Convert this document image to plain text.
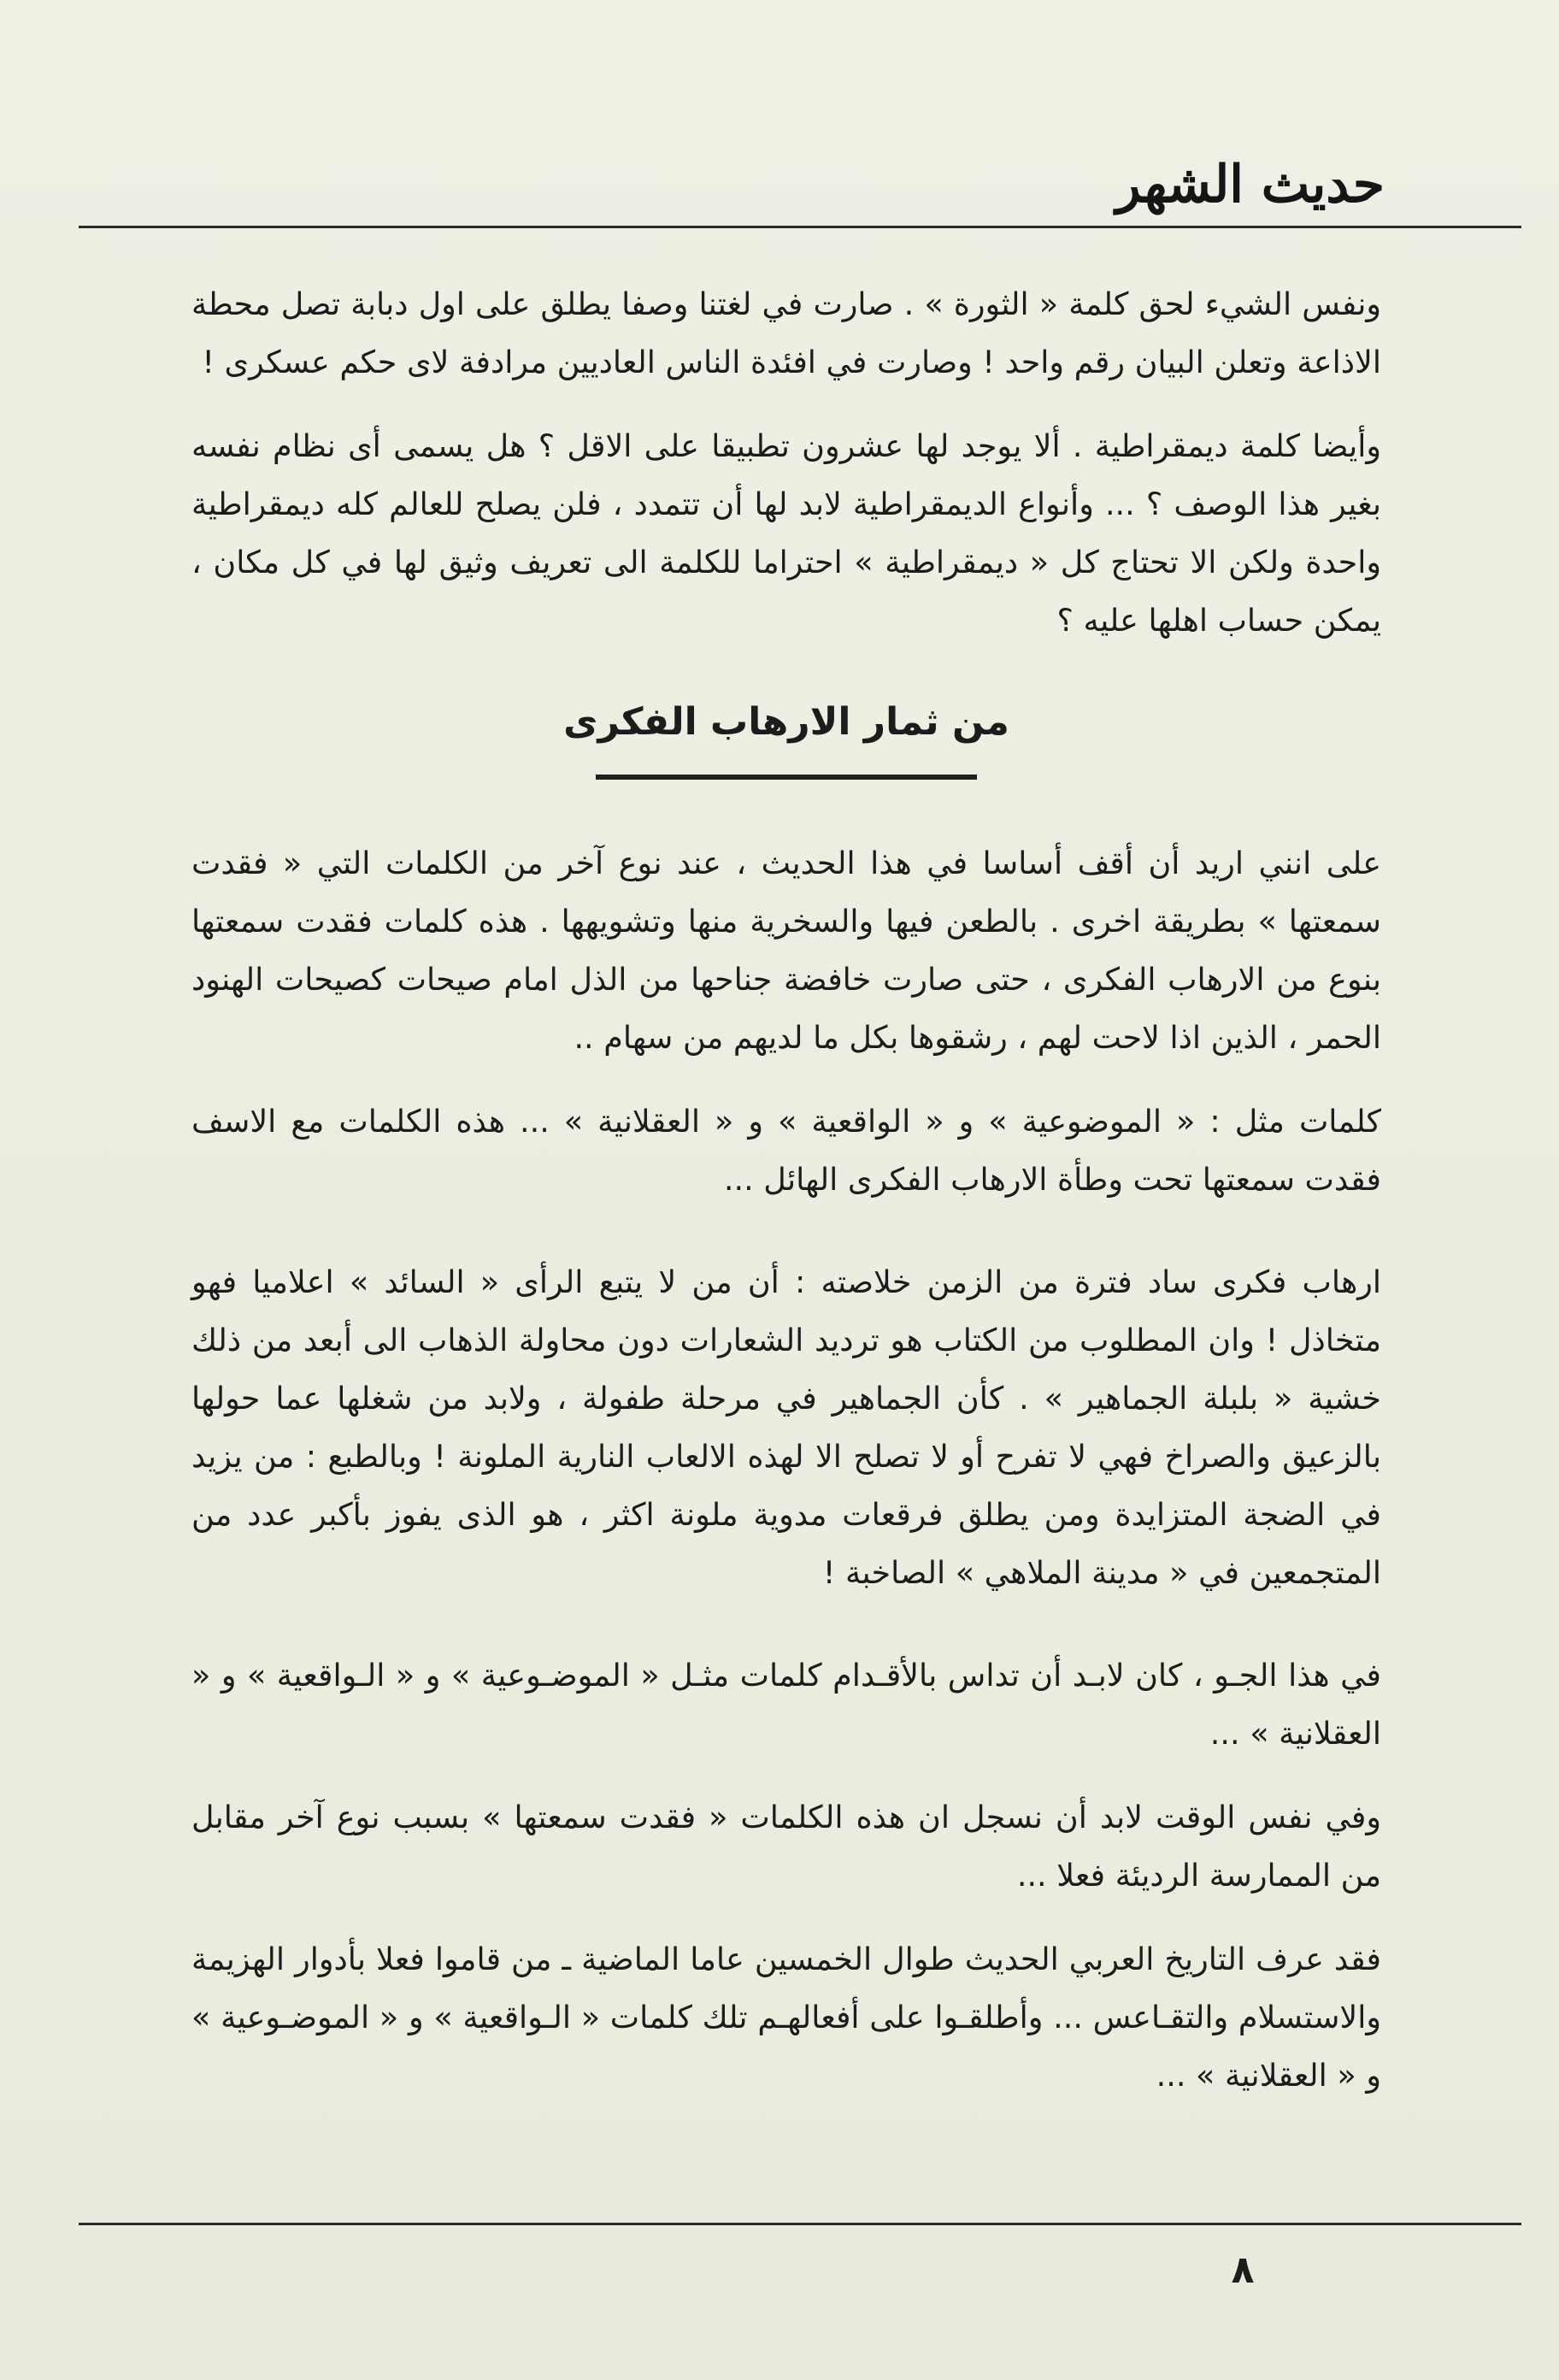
حديث الشهر

ونفس الشيء لحق كلمة « الثورة » . صارت في لغتنا وصفا يطلق على اول دبابة تصل محطة الاذاعة وتعلن البيان رقم واحد ! وصارت في افئدة الناس العاديين مرادفة لاى حكم عسكرى !

وأيضا كلمة ديمقراطية . ألا يوجد لها عشرون تطبيقا على الاقل ؟ هل يسمى أى نظام نفسه بغير هذا الوصف ؟ ... وأنواع الديمقراطية لابد لها أن تتمدد ، فلن يصلح للعالم كله ديمقراطية واحدة ولكن الا تحتاج كل « ديمقراطية » احتراما للكلمة الى تعريف وثيق لها في كل مكان ، يمكن حساب اهلها عليه ؟

من ثمار الارهاب الفكرى

على انني اريد أن أقف أساسا في هذا الحديث ، عند نوع آخر من الكلمات التي « فقدت سمعتها » بطريقة اخرى . بالطعن فيها والسخرية منها وتشويهها . هذه كلمات فقدت سمعتها بنوع من الارهاب الفكرى ، حتى صارت خافضة جناحها من الذل امام صيحات كصيحات الهنود الحمر ، الذين اذا لاحت لهم ، رشقوها بكل ما لديهم من سهام ..

كلمات مثل : « الموضوعية » و « الواقعية » و « العقلانية » ... هذه الكلمات مع الاسف فقدت سمعتها تحت وطأة الارهاب الفكرى الهائل ...

ارهاب فكرى ساد فترة من الزمن خلاصته : أن من لا يتبع الرأى « السائد » اعلاميا فهو متخاذل ! وان المطلوب من الكتاب هو ترديد الشعارات دون محاولة الذهاب الى أبعد من ذلك خشية « بلبلة الجماهير » . كأن الجماهير في مرحلة طفولة ، ولابد من شغلها عما حولها بالزعيق والصراخ فهي لا تفرح أو لا تصلح الا لهذه الالعاب النارية الملونة ! وبالطبع : من يزيد في الضجة المتزايدة ومن يطلق فرقعات مدوية ملونة اكثر ، هو الذى يفوز بأكبر عدد من المتجمعين في « مدينة الملاهي » الصاخبة !

في هذا الجـو ، كان لابـد أن تداس بالأقـدام كلمات مثـل « الموضـوعية » و « الـواقعية » و « العقلانية » ...

وفي نفس الوقت لابد أن نسجل ان هذه الكلمات « فقدت سمعتها » بسبب نوع آخر مقابل من الممارسة الرديئة فعلا ...

فقد عرف التاريخ العربي الحديث طوال الخمسين عاما الماضية ـ من قاموا فعلا بأدوار الهزيمة والاستسلام والتقـاعس ... وأطلقـوا على أفعالهـم تلك كلمات « الـواقعية » و « الموضـوعية » و « العقلانية » ...

٨
